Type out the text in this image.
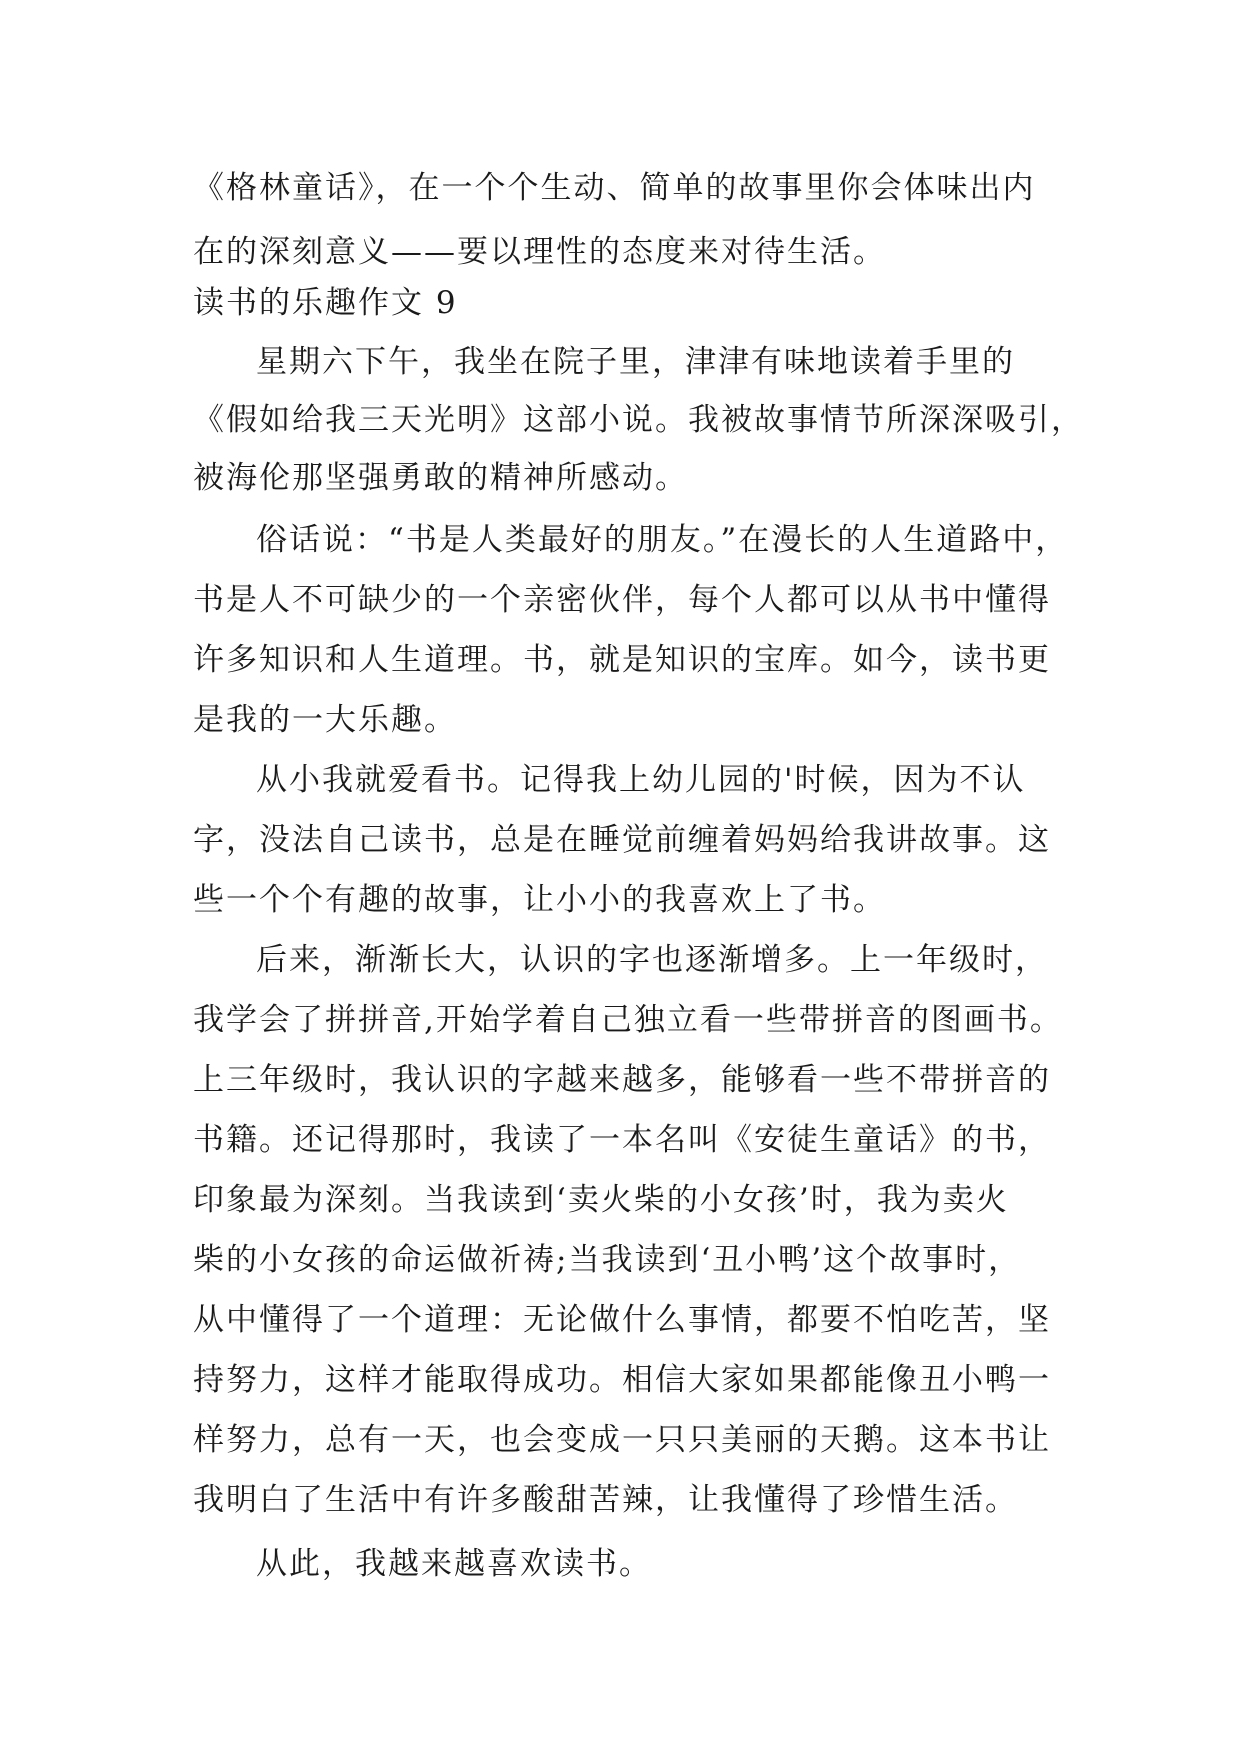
《格林童话》，在一个个生动、简单的故事里你会体味出内
在的深刻意义——要以理性的态度来对待生活。
读书的乐趣作文 9
星期六下午，我坐在院子里，津津有味地读着手里的
《假如给我三天光明》这部小说。我被故事情节所深深吸引，
被海伦那坚强勇敢的精神所感动。
俗话说：“书是人类最好的朋友。”在漫长的人生道路中，
书是人不可缺少的一个亲密伙伴，每个人都可以从书中懂得
许多知识和人生道理。书，就是知识的宝库。如今，读书更
是我的一大乐趣。
从小我就爱看书。记得我上幼儿园的'时候，因为不认
字，没法自己读书，总是在睡觉前缠着妈妈给我讲故事。这
些一个个有趣的故事，让小小的我喜欢上了书。
后来，渐渐长大，认识的字也逐渐增多。上一年级时，
我学会了拼拼音,开始学着自己独立看一些带拼音的图画书。
上三年级时，我认识的字越来越多，能够看一些不带拼音的
书籍。还记得那时，我读了一本名叫《安徒生童话》的书，
印象最为深刻。当我读到‘卖火柴的小女孩’时，我为卖火
柴的小女孩的命运做祈祷;当我读到‘丑小鸭’这个故事时，
从中懂得了一个道理：无论做什么事情，都要不怕吃苦，坚
持努力，这样才能取得成功。相信大家如果都能像丑小鸭一
样努力，总有一天，也会变成一只只美丽的天鹅。这本书让
我明白了生活中有许多酸甜苦辣，让我懂得了珍惜生活。
从此，我越来越喜欢读书。
